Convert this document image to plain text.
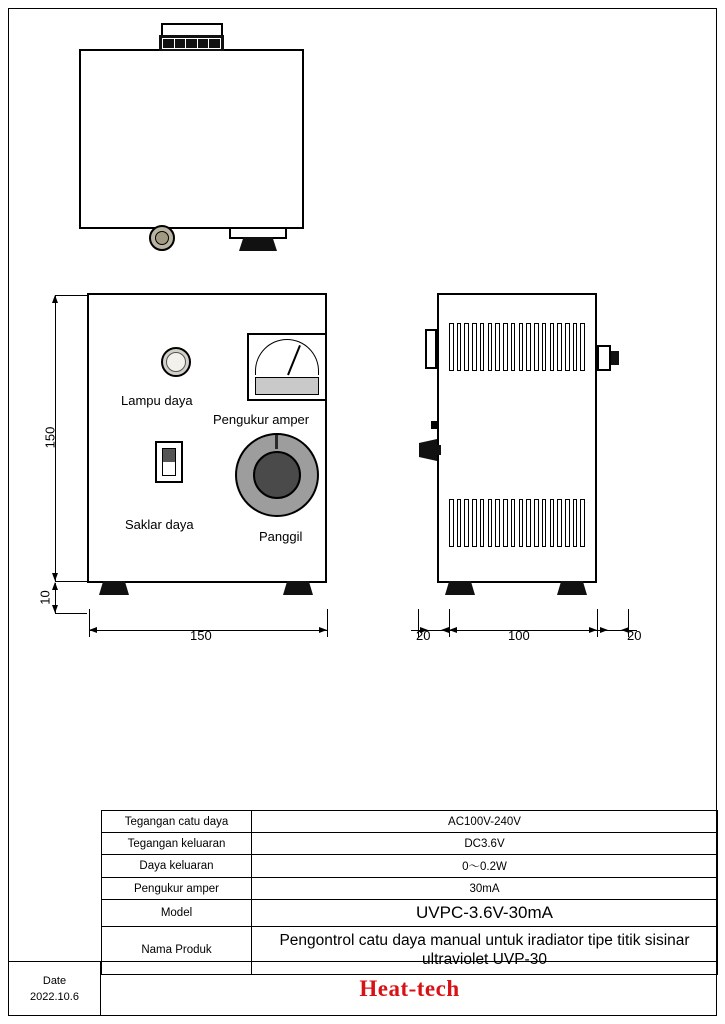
Lampu daya
Pengukur amper
Saklar daya
Panggil
150
10
150	20	100	20
Tegangan catu daya	AC100V-240V
Tegangan keluaran	DC3.6V
Daya keluaran	0～0.2W
Pengukur amper	30mA
Model	UVPC-3.6V-30mA
Nama Produk	Pengontrol catu daya manual untuk iradiator tipe titik sisinar ultraviolet UVP-30
Date
2022.10.6	Heat-tech
